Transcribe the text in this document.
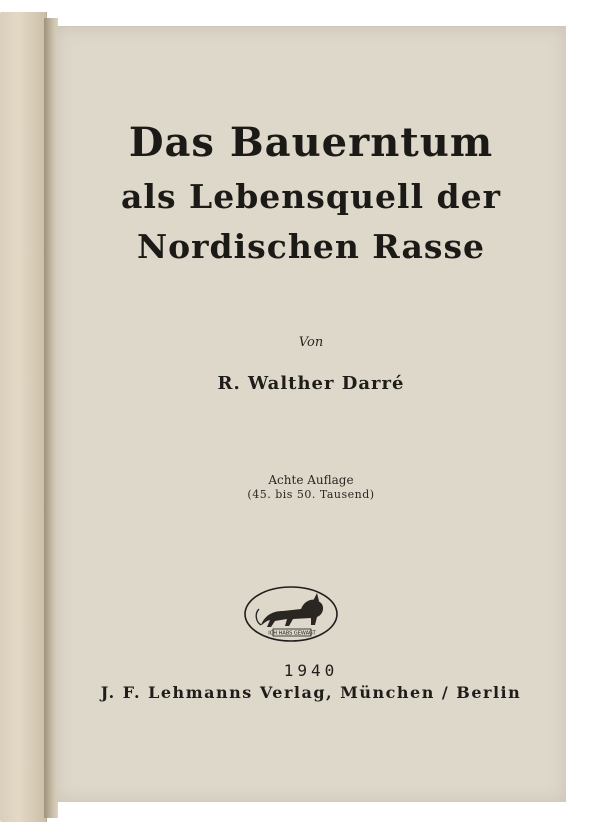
Das Bauerntum
als Lebensquell der
Nordischen Rasse
Von
R. Walther Darré
Achte Auflage
(45. bis 50. Tausend)
ICH HABS GEWAGT
1940
J. F. Lehmanns Verlag, München / Berlin
